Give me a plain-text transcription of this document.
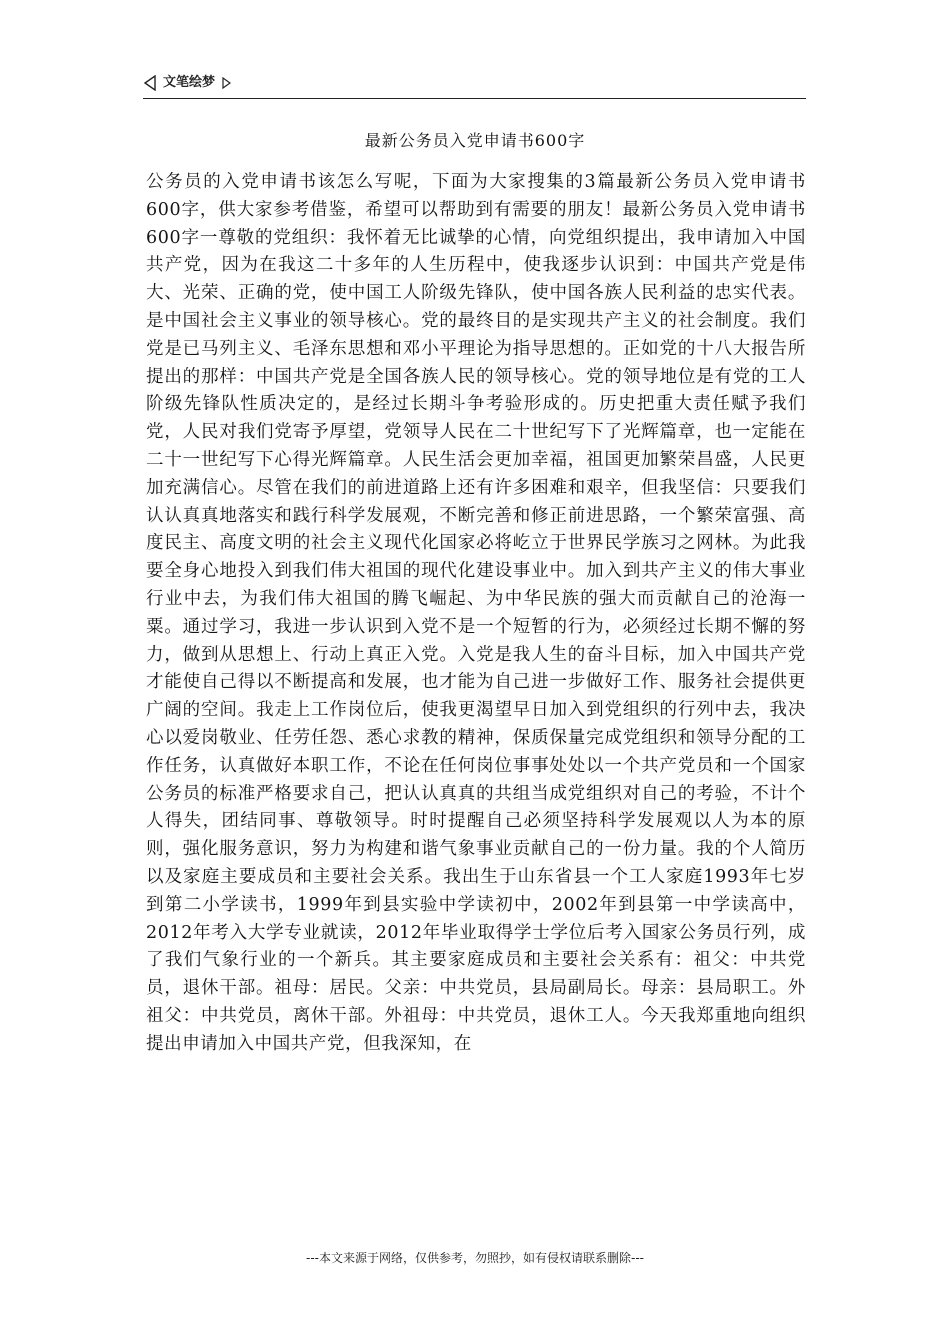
文笔绘梦
最新公务员入党申请书600字

公务员的入党申请书该怎么写呢，下面为大家搜集的3篇最新公务员入党申请书600字，供大家参考借鉴，希望可以帮助到有需要的朋友！最新公务员入党申请书600字一尊敬的党组织：我怀着无比诚挚的心情，向党组织提出，我申请加入中国共产党，因为在我这二十多年的人生历程中，使我逐步认识到：中国共产党是伟大、光荣、正确的党，使中国工人阶级先锋队，使中国各族人民利益的忠实代表。是中国社会主义事业的领导核心。党的最终目的是实现共产主义的社会制度。我们党是已马列主义、毛泽东思想和邓小平理论为指导思想的。正如党的十八大报告所提出的那样：中国共产党是全国各族人民的领导核心。党的领导地位是有党的工人阶级先锋队性质决定的，是经过长期斗争考验形成的。历史把重大责任赋予我们党，人民对我们党寄予厚望，党领导人民在二十世纪写下了光辉篇章，也一定能在二十一世纪写下心得光辉篇章。人民生活会更加幸福，祖国更加繁荣昌盛，人民更加充满信心。尽管在我们的前进道路上还有许多困难和艰辛，但我坚信：只要我们认认真真地落实和践行科学发展观，不断完善和修正前进思路，一个繁荣富强、高度民主、高度文明的社会主义现代化国家必将屹立于世界民学族习之网林。为此我要全身心地投入到我们伟大祖国的现代化建设事业中。加入到共产主义的伟大事业行业中去，为我们伟大祖国的腾飞崛起、为中华民族的强大而贡献自己的沧海一粟。通过学习，我进一步认识到入党不是一个短暂的行为，必须经过长期不懈的努力，做到从思想上、行动上真正入党。入党是我人生的奋斗目标，加入中国共产党才能使自己得以不断提高和发展，也才能为自己进一步做好工作、服务社会提供更广阔的空间。我走上工作岗位后，使我更渴望早日加入到党组织的行列中去，我决心以爱岗敬业、任劳任怨、悉心求教的精神，保质保量完成党组织和领导分配的工作任务，认真做好本职工作，不论在任何岗位事事处处以一个共产党员和一个国家公务员的标准严格要求自己，把认认真真的共组当成党组织对自己的考验，不计个人得失，团结同事、尊敬领导。时时提醒自己必须坚持科学发展观以人为本的原则，强化服务意识，努力为构建和谐气象事业贡献自己的一份力量。我的个人简历以及家庭主要成员和主要社会关系。我出生于山东省县一个工人家庭1993年七岁到第二小学读书，1999年到县实验中学读初中，2002年到县第一中学读高中，2012年考入大学专业就读，2012年毕业取得学士学位后考入国家公务员行列，成了我们气象行业的一个新兵。其主要家庭成员和主要社会关系有：祖父：中共党员，退休干部。祖母：居民。父亲：中共党员，县局副局长。母亲：县局职工。外祖父：中共党员，离休干部。外祖母：中共党员，退休工人。今天我郑重地向组织提出申请加入中国共产党，但我深知，在

---本文来源于网络，仅供参考，勿照抄，如有侵权请联系删除---
